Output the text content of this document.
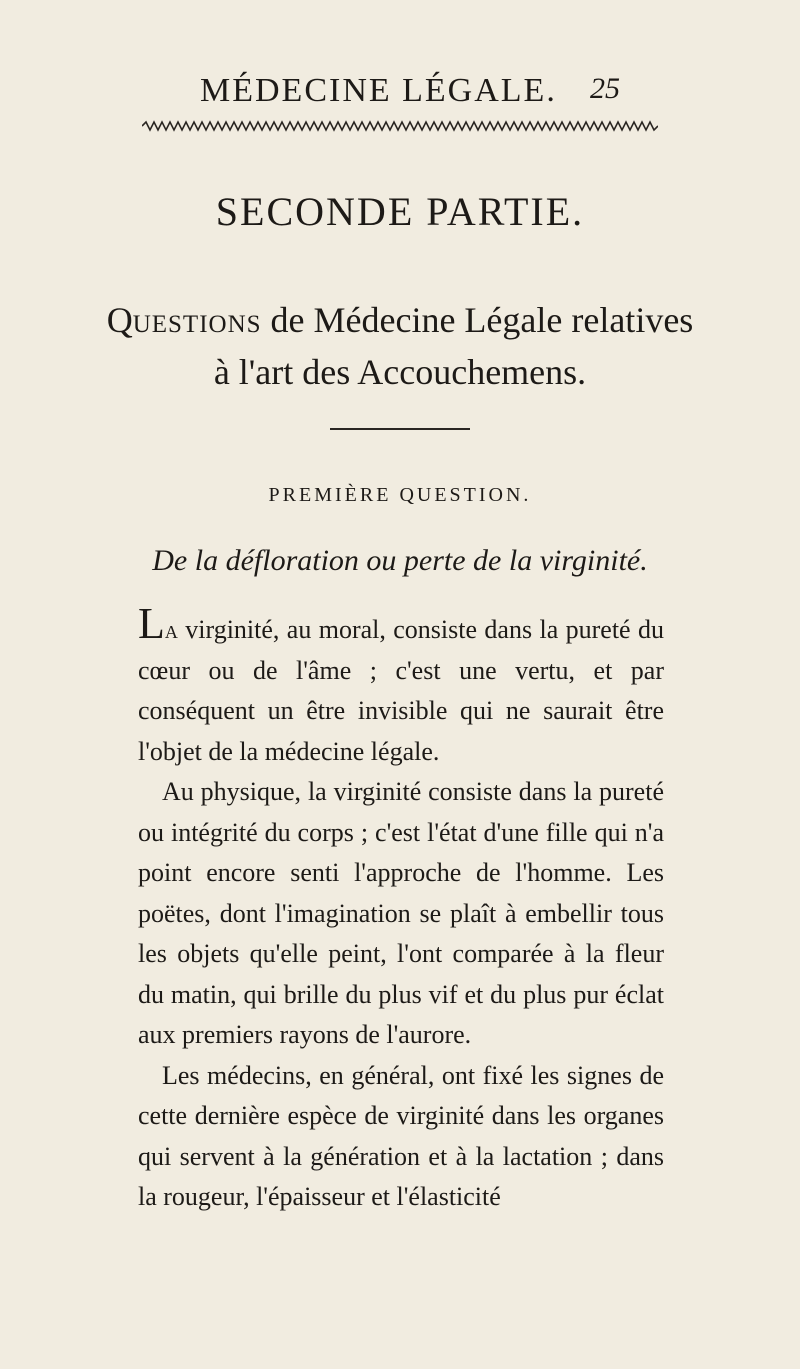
MÉDECINE LÉGALE. 25
SECONDE PARTIE.
Questions de Médecine Légale relatives
à l'art des Accouchemens.
PREMIÈRE QUESTION.
De la défloration ou perte de la virginité.

La virginité, au moral, consiste dans la pureté du cœur ou de l'âme ; c'est une vertu, et par conséquent un être invisible qui ne saurait être l'objet de la médecine légale.

Au physique, la virginité consiste dans la pureté ou intégrité du corps ; c'est l'état d'une fille qui n'a point encore senti l'approche de l'homme. Les poëtes, dont l'imagination se plaît à embellir tous les objets qu'elle peint, l'ont comparée à la fleur du matin, qui brille du plus vif et du plus pur éclat aux premiers rayons de l'aurore.

Les médecins, en général, ont fixé les signes de cette dernière espèce de virginité dans les organes qui servent à la génération et à la lactation ; dans la rougeur, l'épaisseur et l'élasticité
